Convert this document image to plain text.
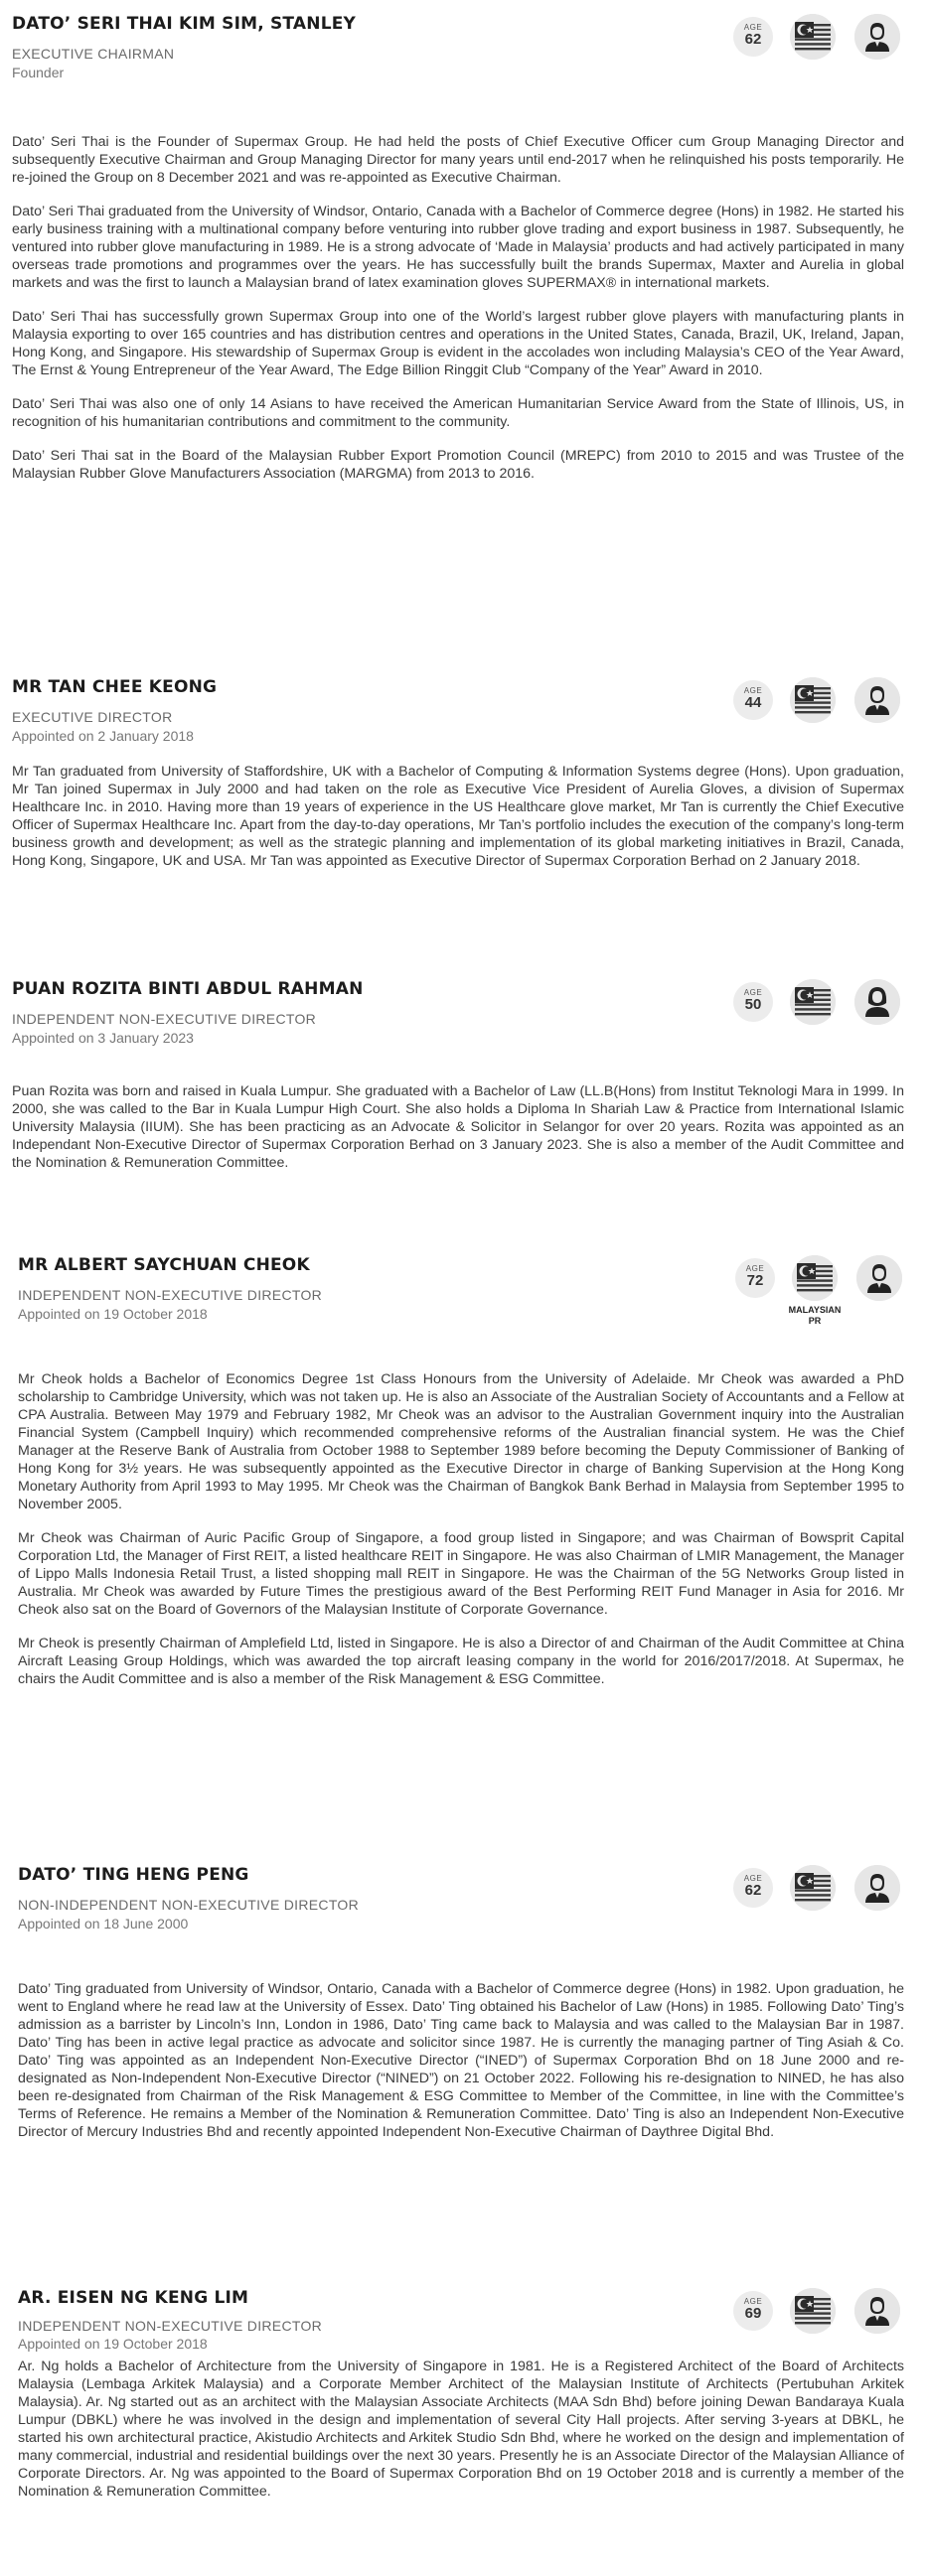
DATO’ SERI THAI KIM SIM, STANLEY
EXECUTIVE CHAIRMAN
Founder
AGE
62

Dato’ Seri Thai is the Founder of Supermax Group. He had held the posts of Chief Executive Officer cum Group Managing Director and subsequently Executive Chairman and Group Managing Director for many years until end-2017 when he relinquished his posts temporarily. He re-joined the Group on 8 December 2021 and was re-appointed as Executive Chairman.

Dato’ Seri Thai graduated from the University of Windsor, Ontario, Canada with a Bachelor of Commerce degree (Hons) in 1982. He started his early business training with a multinational company before venturing into rubber glove trading and export business in 1987. Subsequently, he ventured into rubber glove manufacturing in 1989. He is a strong advocate of ‘Made in Malaysia’ products and had actively participated in many overseas trade promotions and programmes over the years. He has successfully built the brands Supermax, Maxter and Aurelia in global markets and was the first to launch a Malaysian brand of latex examination gloves SUPERMAX® in international markets.

Dato’ Seri Thai has successfully grown Supermax Group into one of the World’s largest rubber glove players with manufacturing plants in Malaysia exporting to over 165 countries and has distribution centres and operations in the United States, Canada, Brazil, UK, Ireland, Japan, Hong Kong, and Singapore. His stewardship of Supermax Group is evident in the accolades won including Malaysia’s CEO of the Year Award, The Ernst & Young Entrepreneur of the Year Award, The Edge Billion Ringgit Club “Company of the Year” Award in 2010.

Dato’ Seri Thai was also one of only 14 Asians to have received the American Humanitarian Service Award from the State of Illinois, US, in recognition of his humanitarian contributions and commitment to the community.

Dato’ Seri Thai sat in the Board of the Malaysian Rubber Export Promotion Council (MREPC) from 2010 to 2015 and was Trustee of the Malaysian Rubber Glove Manufacturers Association (MARGMA) from 2013 to 2016.

MR TAN CHEE KEONG
EXECUTIVE DIRECTOR
Appointed on 2 January 2018
AGE
44

Mr Tan graduated from University of Staffordshire, UK with a Bachelor of Computing & Information Systems degree (Hons). Upon graduation, Mr Tan joined Supermax in July 2000 and had taken on the role as Executive Vice President of Aurelia Gloves, a division of Supermax Healthcare Inc. in 2010. Having more than 19 years of experience in the US Healthcare glove market, Mr Tan is currently the Chief Executive Officer of Supermax Healthcare Inc. Apart from the day-to-day operations, Mr Tan’s portfolio includes the execution of the company’s long-term business growth and development; as well as the strategic planning and implementation of its global marketing initiatives in Brazil, Canada, Hong Kong, Singapore, UK and USA. Mr Tan was appointed as Executive Director of Supermax Corporation Berhad on 2 January 2018.

PUAN ROZITA BINTI ABDUL RAHMAN
INDEPENDENT NON-EXECUTIVE DIRECTOR
Appointed on 3 January 2023
AGE
50

Puan Rozita was born and raised in Kuala Lumpur. She graduated with a Bachelor of Law (LL.B(Hons) from Institut Teknologi Mara in 1999. In 2000, she was called to the Bar in Kuala Lumpur High Court. She also holds a Diploma In Shariah Law & Practice from International Islamic University Malaysia (IIUM). She has been practicing as an Advocate & Solicitor in Selangor for over 20 years. Rozita was appointed as an Independant Non-Executive Director of Supermax Corporation Berhad on 3 January 2023. She is also a member of the Audit Committee and the Nomination & Remuneration Committee.

MR ALBERT SAYCHUAN CHEOK
INDEPENDENT NON-EXECUTIVE DIRECTOR
Appointed on 19 October 2018
AGE
72
MALAYSIAN PR

Mr Cheok holds a Bachelor of Economics Degree 1st Class Honours from the University of Adelaide. Mr Cheok was awarded a PhD scholarship to Cambridge University, which was not taken up. He is also an Associate of the Australian Society of Accountants and a Fellow at CPA Australia. Between May 1979 and February 1982, Mr Cheok was an advisor to the Australian Government inquiry into the Australian Financial System (Campbell Inquiry) which recommended comprehensive reforms of the Australian financial system. He was the Chief Manager at the Reserve Bank of Australia from October 1988 to September 1989 before becoming the Deputy Commissioner of Banking of Hong Kong for 3½ years. He was subsequently appointed as the Executive Director in charge of Banking Supervision at the Hong Kong Monetary Authority from April 1993 to May 1995. Mr Cheok was the Chairman of Bangkok Bank Berhad in Malaysia from September 1995 to November 2005.

Mr Cheok was Chairman of Auric Pacific Group of Singapore, a food group listed in Singapore; and was Chairman of Bowsprit Capital Corporation Ltd, the Manager of First REIT, a listed healthcare REIT in Singapore. He was also Chairman of LMIR Management, the Manager of Lippo Malls Indonesia Retail Trust, a listed shopping mall REIT in Singapore. He was the Chairman of the 5G Networks Group listed in Australia. Mr Cheok was awarded by Future Times the prestigious award of the Best Performing REIT Fund Manager in Asia for 2016. Mr Cheok also sat on the Board of Governors of the Malaysian Institute of Corporate Governance.

Mr Cheok is presently Chairman of Amplefield Ltd, listed in Singapore. He is also a Director of and Chairman of the Audit Committee at China Aircraft Leasing Group Holdings, which was awarded the top aircraft leasing company in the world for 2016/2017/2018. At Supermax, he chairs the Audit Committee and is also a member of the Risk Management & ESG Committee.

DATO’ TING HENG PENG
NON-INDEPENDENT NON-EXECUTIVE DIRECTOR
Appointed on 18 June 2000
AGE
62

Dato’ Ting graduated from University of Windsor, Ontario, Canada with a Bachelor of Commerce degree (Hons) in 1982. Upon graduation, he went to England where he read law at the University of Essex. Dato’ Ting obtained his Bachelor of Law (Hons) in 1985. Following Dato’ Ting’s admission as a barrister by Lincoln’s Inn, London in 1986, Dato’ Ting came back to Malaysia and was called to the Malaysian Bar in 1987. Dato’ Ting has been in active legal practice as advocate and solicitor since 1987. He is currently the managing partner of Ting Asiah & Co. Dato’ Ting was appointed as an Independent Non-Executive Director (“INED”) of Supermax Corporation Bhd on 18 June 2000 and re-designated as Non-Independent Non-Executive Director (“NINED”) on 21 October 2022. Following his re-designation to NINED, he has also been re-designated from Chairman of the Risk Management & ESG Committee to Member of the Committee, in line with the Committee’s Terms of Reference. He remains a Member of the Nomination & Remuneration Committee. Dato’ Ting is also an Independent Non-Executive Director of Mercury Industries Bhd and recently appointed Independent Non-Executive Chairman of Daythree Digital Bhd.

AR. EISEN NG KENG LIM
INDEPENDENT NON-EXECUTIVE DIRECTOR
Appointed on 19 October 2018
AGE
69

Ar. Ng holds a Bachelor of Architecture from the University of Singapore in 1981. He is a Registered Architect of the Board of Architects Malaysia (Lembaga Arkitek Malaysia) and a Corporate Member Architect of the Malaysian Institute of Architects (Pertubuhan Arkitek Malaysia). Ar. Ng started out as an architect with the Malaysian Associate Architects (MAA Sdn Bhd) before joining Dewan Bandaraya Kuala Lumpur (DBKL) where he was involved in the design and implementation of several City Hall projects. After serving 3-years at DBKL, he started his own architectural practice, Akistudio Architects and Arkitek Studio Sdn Bhd, where he worked on the design and implementation of many commercial, industrial and residential buildings over the next 30 years. Presently he is an Associate Director of the Malaysian Alliance of Corporate Directors. Ar. Ng was appointed to the Board of Supermax Corporation Bhd on 19 October 2018 and is currently a member of the Nomination & Remuneration Committee.
